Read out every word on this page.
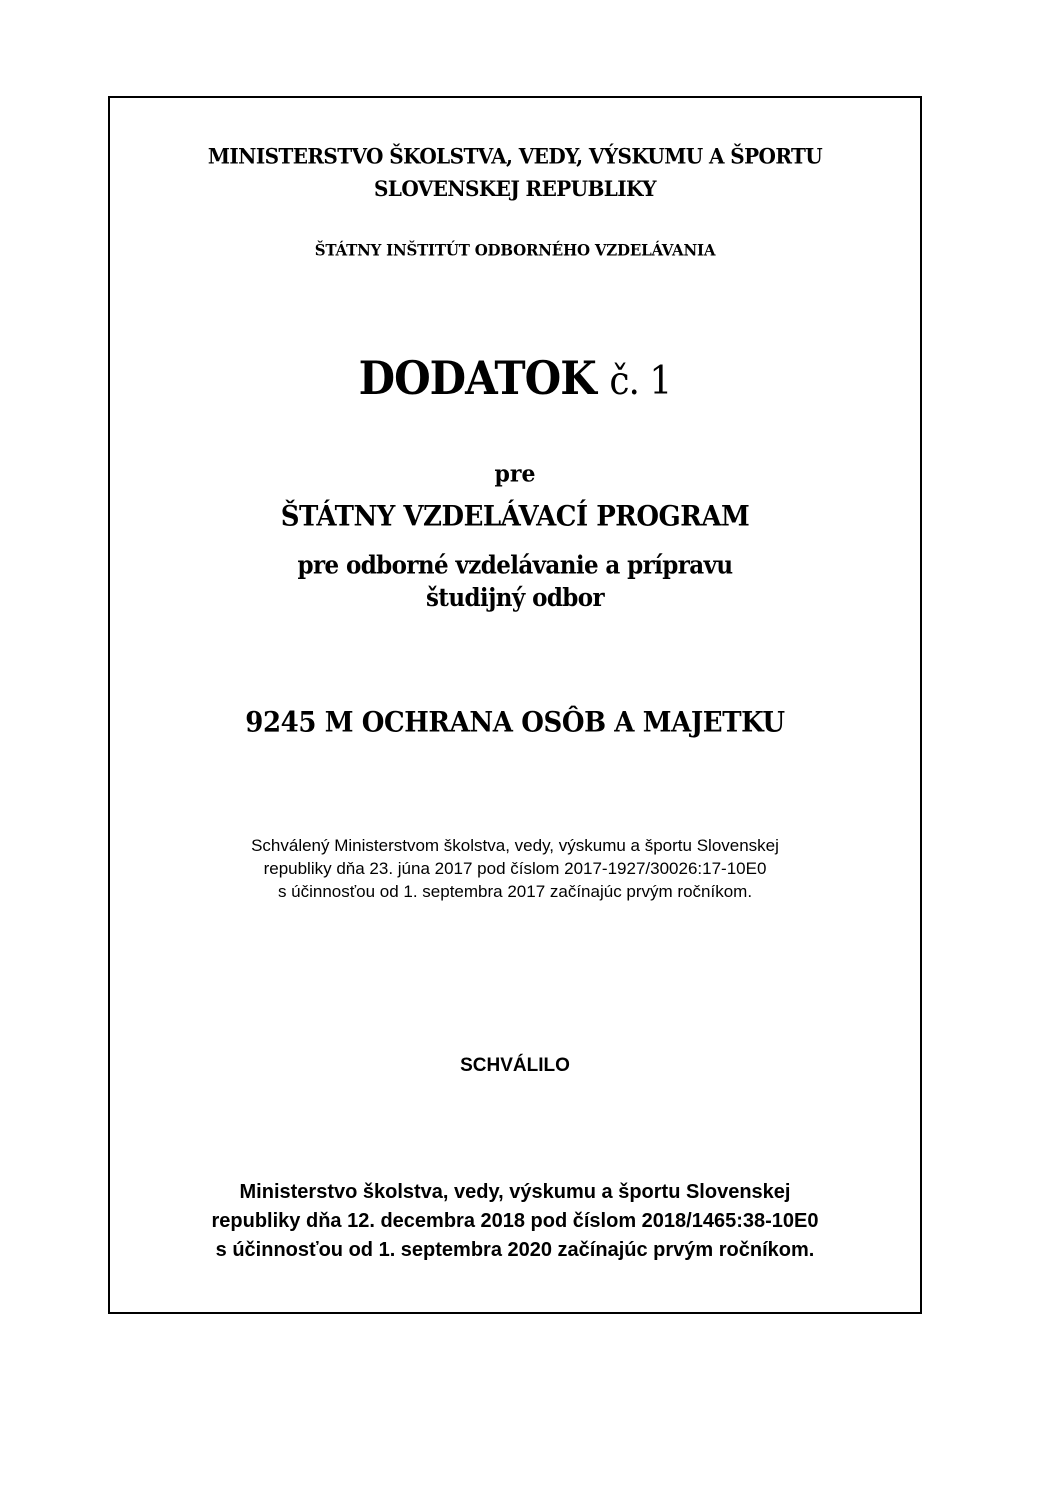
MINISTERSTVO ŠKOLSTVA, VEDY, VÝSKUMU A ŠPORTU
SLOVENSKEJ REPUBLIKY
ŠTÁTNY INŠTITÚT ODBORNÉHO VZDELÁVANIA
DODATOK č. 1
pre
ŠTÁTNY VZDELÁVACÍ PROGRAM
pre odborné vzdelávanie a prípravu
študijný odbor
9245 M OCHRANA OSÔB A MAJETKU
Schválený Ministerstvom školstva, vedy, výskumu a športu Slovenskej
republiky dňa 23. júna 2017 pod číslom 2017-1927/30026:17-10E0
s účinnosťou od 1. septembra 2017 začínajúc prvým ročníkom.
SCHVÁLILO
Ministerstvo školstva, vedy, výskumu a športu Slovenskej
republiky dňa 12. decembra 2018 pod číslom 2018/1465:38-10E0
s účinnosťou od 1. septembra 2020 začínajúc prvým ročníkom.
